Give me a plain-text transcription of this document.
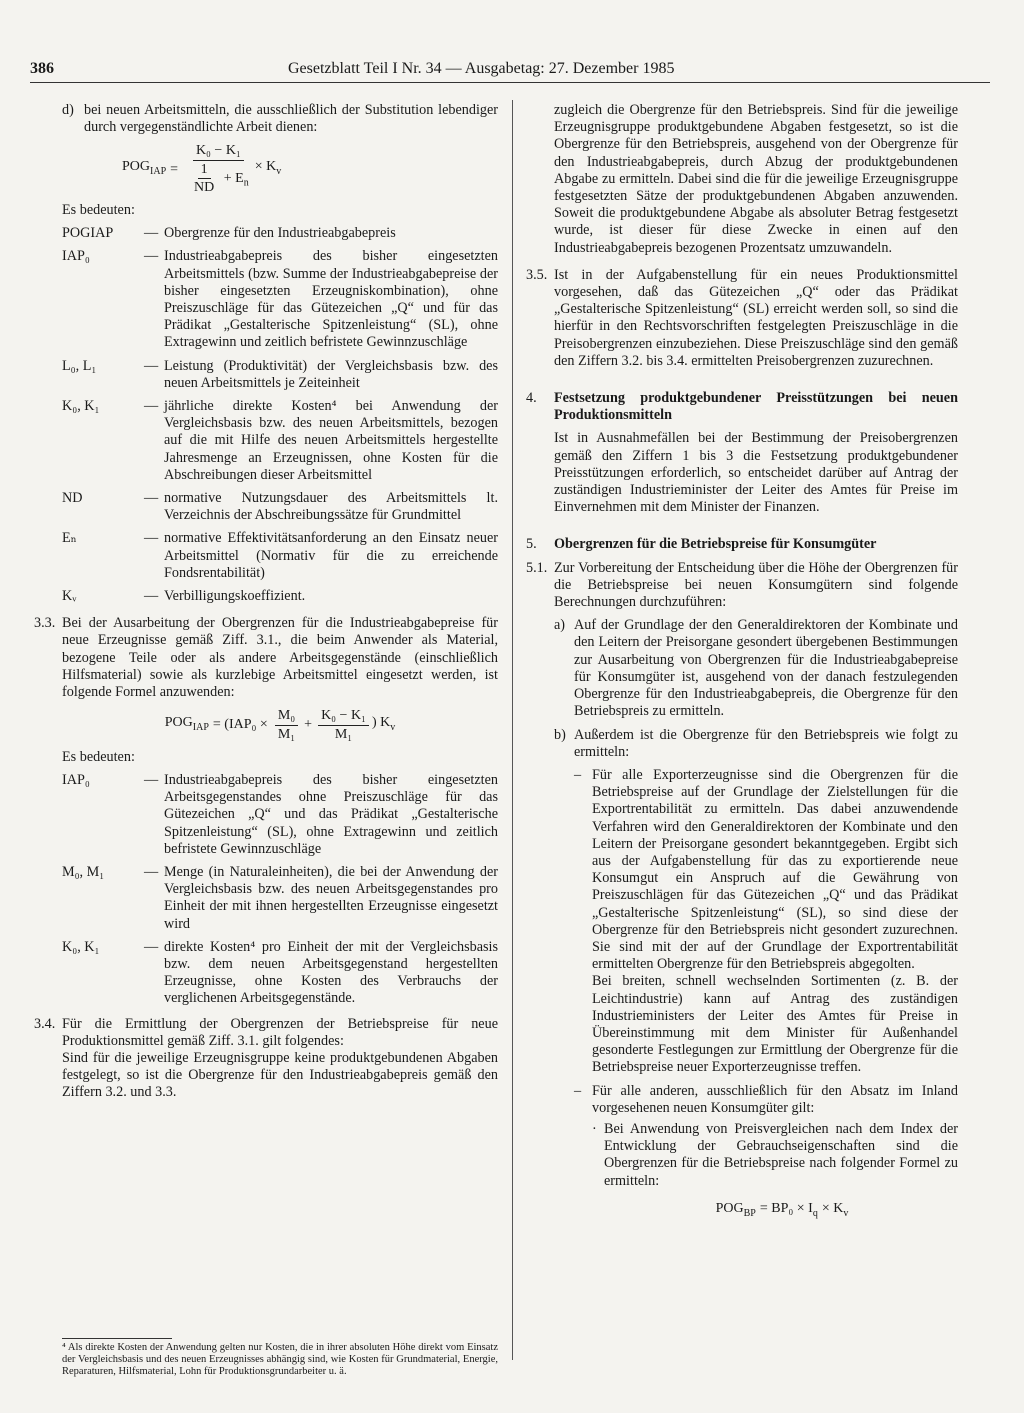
386	Gesetzblatt Teil I Nr. 34 — Ausgabetag: 27. Dezember 1985
d) bei neuen Arbeitsmitteln, die ausschließlich der Substitution lebendiger durch vergegenständlichte Arbeit dienen:

$POG_{IAP} = \frac{\text{K₀ − K₁}}{\frac{1}{ND} + E_n} \times K_v$

Es bedeuten:

POGIAP	— Obergrenze für den Industrieabgabepreis
IAP₀	— Industrieabgabepreis des bisher eingesetzten Arbeitsmittels (bzw. Summe der Industrieabgabepreise der bisher eingesetzten Erzeugniskombination), ohne Preiszuschläge für das Gütezeichen „Q“ und für das Prädikat „Gestalterische Spitzenleistung“ (SL), ohne Extragewinn und zeitlich befristete Gewinnzuschläge
L₀, L₁	— Leistung (Produktivität) der Vergleichsbasis bzw. des neuen Arbeitsmittels je Zeiteinheit
K₀, K₁	— jährliche direkte Kosten⁴ bei Anwendung der Vergleichsbasis bzw. des neuen Arbeitsmittels, bezogen auf die mit Hilfe des neuen Arbeitsmittels hergestellte Jahresmenge an Erzeugnissen, ohne Kosten für die Abschreibungen dieser Arbeitsmittel
ND	— normative Nutzungsdauer des Arbeitsmittels lt. Verzeichnis der Abschreibungssätze für Grundmittel
Eₙ	— normative Effektivitätsanforderung an den Einsatz neuer Arbeitsmittel (Normativ für die zu erreichende Fondsrentabilität)
Kᵥ	— Verbilligungskoeffizient.
3.3. Bei der Ausarbeitung der Obergrenzen für die Industrieabgabepreise für neue Erzeugnisse gemäß Ziff. 3.1., die beim Anwender als Material, bezogene Teile oder als andere Arbeitsgegenstände (einschließlich Hilfsmaterial) sowie als kurzlebige Arbeitsmittel eingesetzt werden, ist folgende Formel anzuwenden:

$POG_{IAP} = (IAP_0 \times \frac{\text{M₀}}{\text{M₁}} + \frac{\text{K₀ − K₁}}{\text{M₁}}$ ) $K_v$

Es bedeuten:

IAP₀	— Industrieabgabepreis des bisher eingesetzten Arbeitsgegenstandes ohne Preiszuschläge für das Gütezeichen „Q“ und das Prädikat „Gestalterische Spitzenleistung“ (SL), ohne Extragewinn und zeitlich befristete Gewinnzuschläge
M₀, M₁	— Menge (in Naturaleinheiten), die bei der Anwendung der Vergleichsbasis bzw. des neuen Arbeitsgegenstandes pro Einheit der mit ihnen hergestellten Erzeugnisse eingesetzt wird
K₀, K₁	— direkte Kosten⁴ pro Einheit der mit der Vergleichsbasis bzw. dem neuen Arbeitsgegenstand hergestellten Erzeugnisse, ohne Kosten des Verbrauchs der verglichenen Arbeitsgegenstände.
3.4. Für die Ermittlung der Obergrenzen der Betriebspreise für neue Produktionsmittel gemäß Ziff. 3.1. gilt folgendes:

Sind für die jeweilige Erzeugnisgruppe keine produktgebundenen Abgaben festgelegt, so ist die Obergrenze für den Industrieabgabepreis gemäß den Ziffern 3.2. und 3.3.

⁴ Als direkte Kosten der Anwendung gelten nur Kosten, die in ihrer absoluten Höhe direkt vom Einsatz der Vergleichsbasis und des neuen Erzeugnisses abhängig sind, wie Kosten für Grundmaterial, Energie, Reparaturen, Hilfsmaterial, Lohn für Produktionsgrundarbeiter u. ä.

zugleich die Obergrenze für den Betriebspreis. Sind für die jeweilige Erzeugnisgruppe produktgebundene Abgaben festgesetzt, so ist die Obergrenze für den Betriebspreis, ausgehend von der Obergrenze für den Industrieabgabepreis, durch Abzug der produktgebundenen Abgabe zu ermitteln. Dabei sind die für die jeweilige Erzeugnisgruppe festgesetzten Sätze der produktgebundenen Abgaben anzuwenden. Soweit die produktgebundene Abgabe als absoluter Betrag festgesetzt wurde, ist dieser für diese Zwecke in einen auf den Industrieabgabepreis bezogenen Prozentsatz umzuwandeln.

3.5. Ist in der Aufgabenstellung für ein neues Produktionsmittel vorgesehen, daß das Gütezeichen „Q“ oder das Prädikat „Gestalterische Spitzenleistung“ (SL) erreicht werden soll, so sind die hierfür in den Rechtsvorschriften festgelegten Preiszuschläge in die Preisobergrenzen einzubeziehen. Diese Preiszuschläge sind den gemäß den Ziffern 3.2. bis 3.4. ermittelten Preisobergrenzen zuzurechnen.

4.	Festsetzung produktgebundener Preisstützungen bei neuen Produktionsmitteln

Ist in Ausnahmefällen bei der Bestimmung der Preisobergrenzen gemäß den Ziffern 1 bis 3 die Festsetzung produktgebundener Preisstützungen erforderlich, so entscheidet darüber auf Antrag der zuständigen Industrieminister der Leiter des Amtes für Preise im Einvernehmen mit dem Minister der Finanzen.

5.	Obergrenzen für die Betriebspreise für Konsumgüter

5.1. Zur Vorbereitung der Entscheidung über die Höhe der Obergrenzen für die Betriebspreise bei neuen Konsumgütern sind folgende Berechnungen durchzuführen:

a) Auf der Grundlage der den Generaldirektoren der Kombinate und den Leitern der Preisorgane gesondert übergebenen Bestimmungen zur Ausarbeitung von Obergrenzen für die Industrieabgabepreise für Konsumgüter ist, ausgehend von der danach festzulegenden Obergrenze für den Industrieabgabepreis, die Obergrenze für den Betriebspreis zu ermitteln.

b) Außerdem ist die Obergrenze für den Betriebspreis wie folgt zu ermitteln:

– Für alle Exporterzeugnisse sind die Obergrenzen für die Betriebspreise auf der Grundlage der Zielstellungen für die Exportrentabilität zu ermitteln. Das dabei anzuwendende Verfahren wird den Generaldirektoren der Kombinate und den Leitern der Preisorgane gesondert bekanntgegeben. Ergibt sich aus der Aufgabenstellung für das zu exportierende neue Konsumgut ein Anspruch auf die Gewährung von Preiszuschlägen für das Gütezeichen „Q“ und das Prädikat „Gestalterische Spitzenleistung“ (SL), so sind diese der Obergrenze für den Betriebspreis nicht gesondert zuzurechnen. Sie sind mit der auf der Grundlage der Exportrentabilität ermittelten Obergrenze für den Betriebspreis abgegolten.

Bei breiten, schnell wechselnden Sortimenten (z. B. der Leichtindustrie) kann auf Antrag des zuständigen Industrieministers der Leiter des Amtes für Preise in Übereinstimmung mit dem Minister für Außenhandel gesonderte Festlegungen zur Ermittlung der Obergrenze für die Betriebspreise neuer Exporterzeugnisse treffen.

– Für alle anderen, ausschließlich für den Absatz im Inland vorgesehenen neuen Konsumgüter gilt:

· Bei Anwendung von Preisvergleichen nach dem Index der Entwicklung der Gebrauchseigenschaften sind die Obergrenzen für die Betriebspreise nach folgender Formel zu ermitteln:

$POG_{BP} = BP_0 \times I_q \times K_v$
